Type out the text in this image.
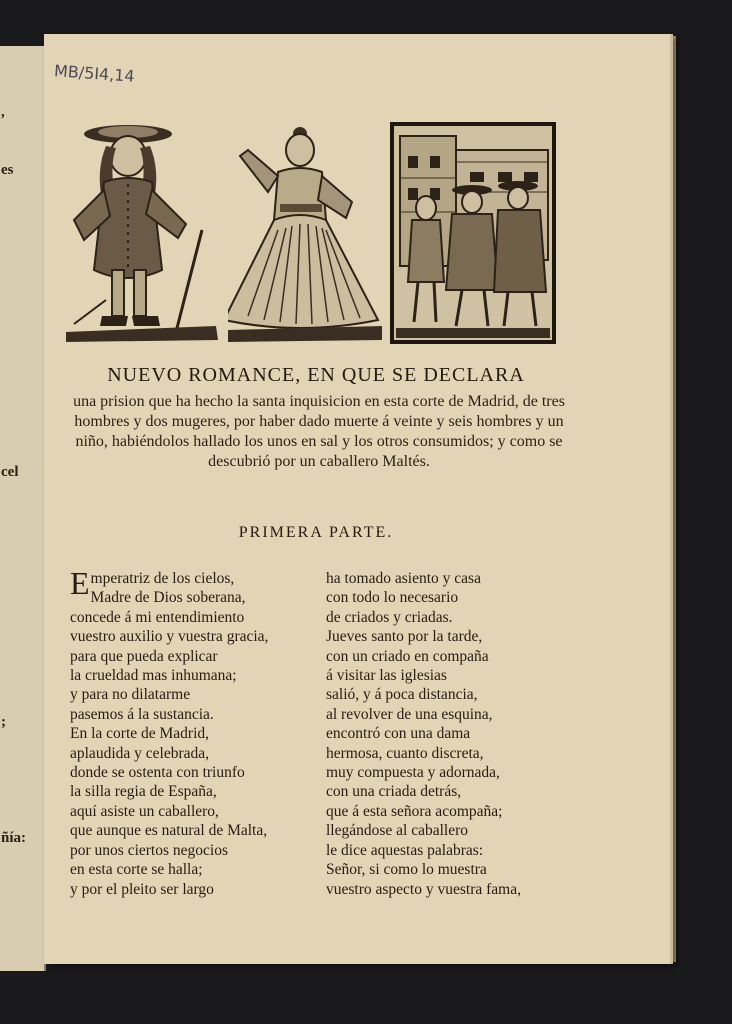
,
es
cel
;
ñía:
MB/5I4,14
NUEVO ROMANCE, EN QUE SE DECLARA
una prision que ha hecho la santa inquisicion en esta corte de Madrid, de tres hombres y dos mugeres, por haber dado muerte á veinte y seis hombres y un niño, habiéndolos hallado los unos en sal y los otros consumidos; y como se descubrió por un caballero Maltés.
PRIMERA PARTE.
Emperatriz de los cielos,
Madre de Dios soberana,
concede á mi entendimiento
vuestro auxilio y vuestra gracia,
para que pueda explicar
la crueldad mas inhumana;
y para no dilatarme
pasemos á la sustancia.
En la corte de Madrid,
aplaudida y celebrada,
donde se ostenta con triunfo
la silla regia de España,
aquí asiste un caballero,
que aunque es natural de Malta,
por unos ciertos negocios
en esta corte se halla;
y por el pleito ser largo
ha tomado asiento y casa
con todo lo necesario
de criados y criadas.
Jueves santo por la tarde,
con un criado en compaña
á visitar las iglesias
salió, y á poca distancia,
al revolver de una esquina,
encontró con una dama
hermosa, cuanto discreta,
muy compuesta y adornada,
con una criada detrás,
que á esta señora acompaña;
llegándose al caballero
le dice aquestas palabras:
Señor, si como lo muestra
vuestro aspecto y vuestra fama,
